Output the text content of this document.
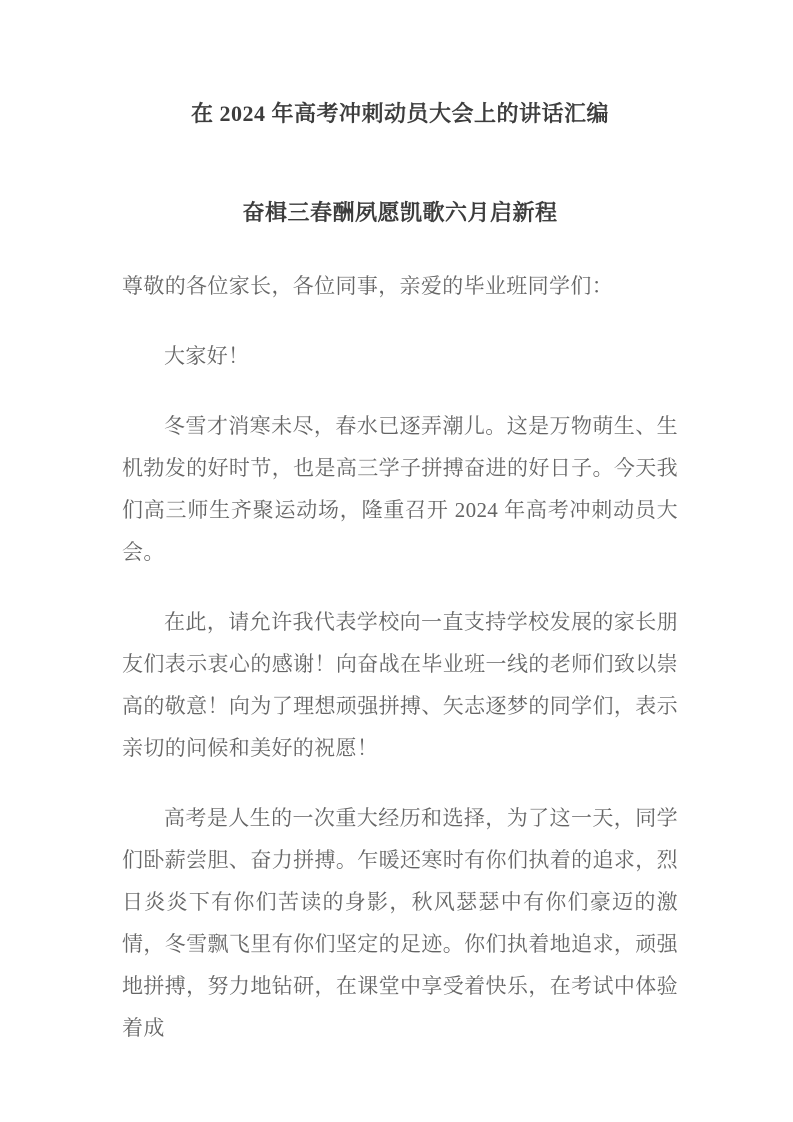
在 2024 年高考冲刺动员大会上的讲话汇编
奋楫三春酬夙愿凯歌六月启新程

尊敬的各位家长，各位同事，亲爱的毕业班同学们：

大家好！

冬雪才消寒未尽，春水已逐弄潮儿。这是万物萌生、生机勃发的好时节，也是高三学子拼搏奋进的好日子。今天我们高三师生齐聚运动场，隆重召开 2024 年高考冲刺动员大会。

在此，请允许我代表学校向一直支持学校发展的家长朋友们表示衷心的感谢！向奋战在毕业班一线的老师们致以崇高的敬意！向为了理想顽强拼搏、矢志逐梦的同学们，表示亲切的问候和美好的祝愿！

高考是人生的一次重大经历和选择，为了这一天，同学们卧薪尝胆、奋力拼搏。乍暖还寒时有你们执着的追求，烈日炎炎下有你们苦读的身影，秋风瑟瑟中有你们豪迈的激情，冬雪飘飞里有你们坚定的足迹。你们执着地追求，顽强地拼搏，努力地钻研，在课堂中享受着快乐，在考试中体验着成
